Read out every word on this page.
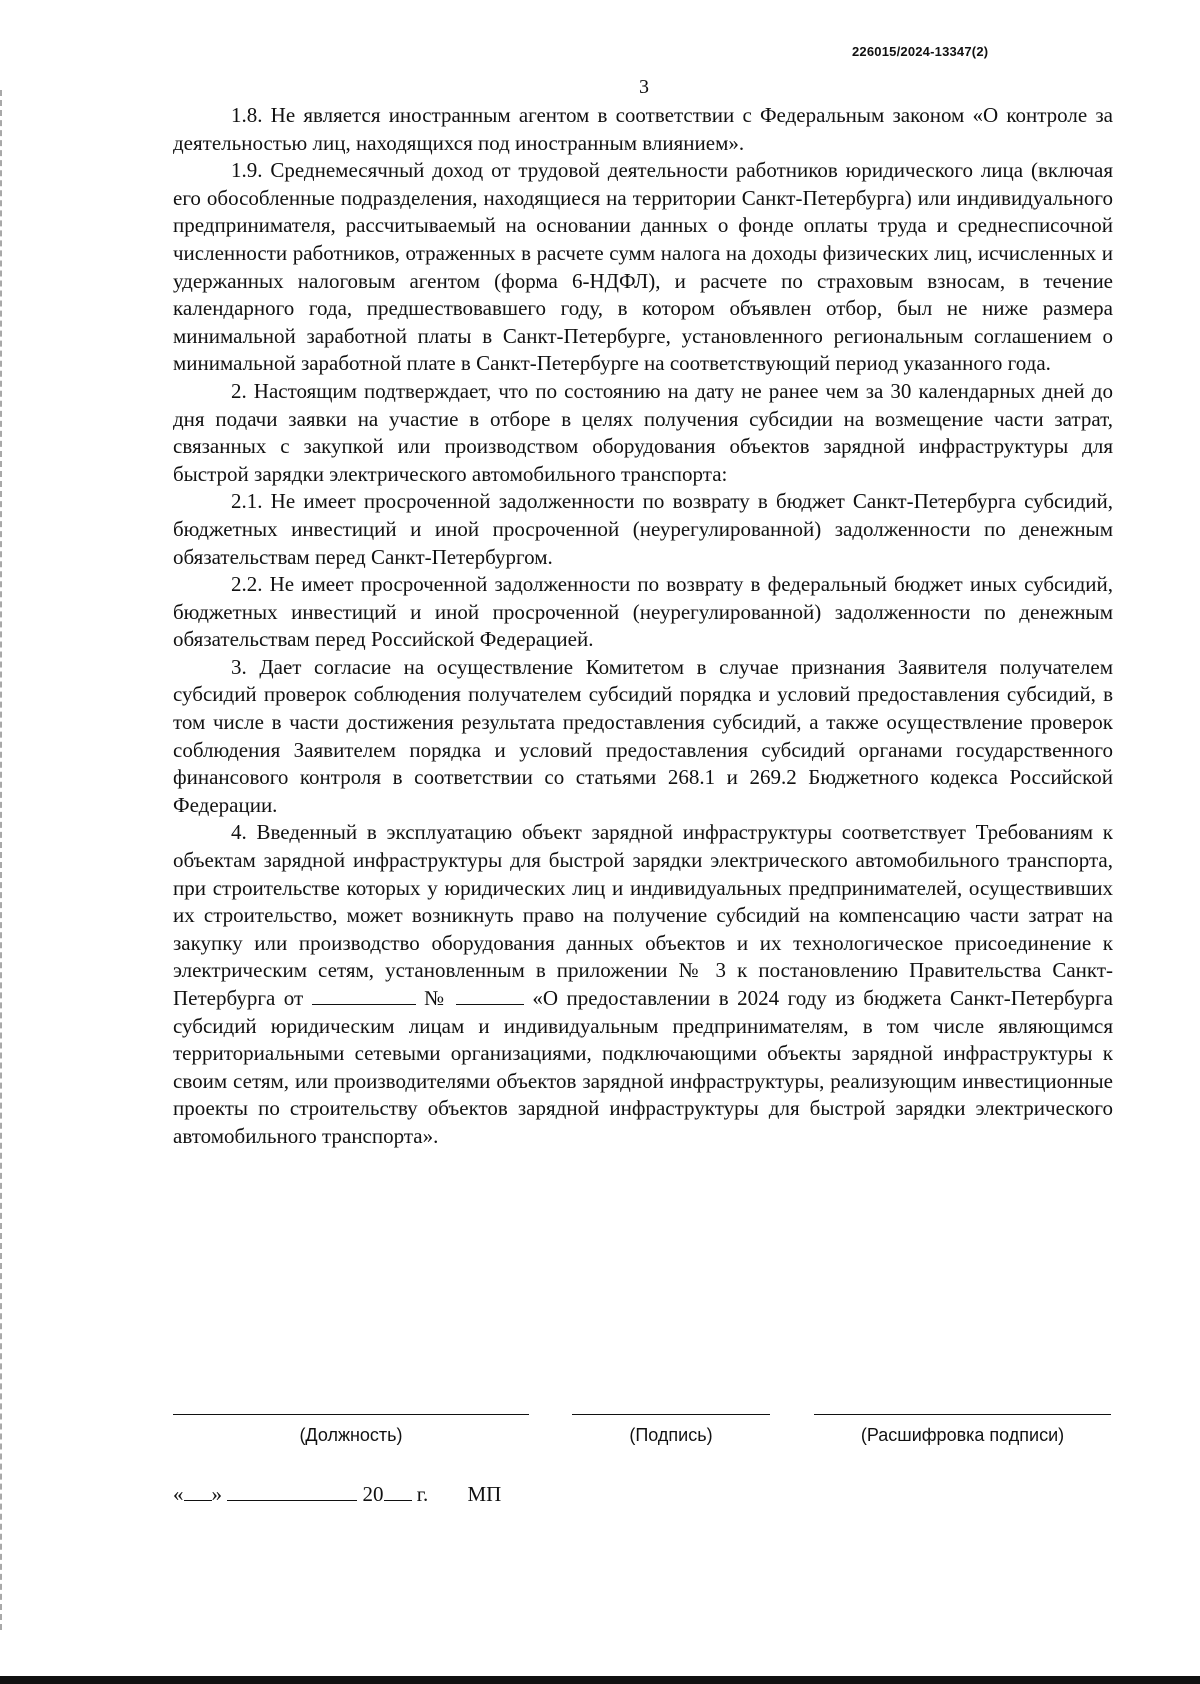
226015/2024-13347(2)
3

1.8. Не является иностранным агентом в соответствии с Федеральным законом «О контроле за деятельностью лиц, находящихся под иностранным влиянием».

1.9. Среднемесячный доход от трудовой деятельности работников юридического лица (включая его обособленные подразделения, находящиеся на территории Санкт-Петербурга) или индивидуального предпринимателя, рассчитываемый на основании данных о фонде оплаты труда и среднесписочной численности работников, отраженных в расчете сумм налога на доходы физических лиц, исчисленных и удержанных налоговым агентом (форма 6-НДФЛ), и расчете по страховым взносам, в течение календарного года, предшествовавшего году, в котором объявлен отбор, был не ниже размера минимальной заработной платы в Санкт-Петербурге, установленного региональным соглашением о минимальной заработной плате в Санкт-Петербурге на соответствующий период указанного года.

2. Настоящим подтверждает, что по состоянию на дату не ранее чем за 30 календарных дней до дня подачи заявки на участие в отборе в целях получения субсидии на возмещение части затрат, связанных с закупкой или производством оборудования объектов зарядной инфраструктуры для быстрой зарядки электрического автомобильного транспорта:

2.1. Не имеет просроченной задолженности по возврату в бюджет Санкт-Петербурга субсидий, бюджетных инвестиций и иной просроченной (неурегулированной) задолженности по денежным обязательствам перед Санкт-Петербургом.

2.2. Не имеет просроченной задолженности по возврату в федеральный бюджет иных субсидий, бюджетных инвестиций и иной просроченной (неурегулированной) задолженности по денежным обязательствам перед Российской Федерацией.

3. Дает согласие на осуществление Комитетом в случае признания Заявителя получателем субсидий проверок соблюдения получателем субсидий порядка и условий предоставления субсидий, в том числе в части достижения результата предоставления субсидий, а также осуществление проверок соблюдения Заявителем порядка и условий предоставления субсидий органами государственного финансового контроля в соответствии со статьями 268.1 и 269.2 Бюджетного кодекса Российской Федерации.

4. Введенный в эксплуатацию объект зарядной инфраструктуры соответствует Требованиям к объектам зарядной инфраструктуры для быстрой зарядки электрического автомобильного транспорта, при строительстве которых у юридических лиц и индивидуальных предпринимателей, осуществивших их строительство, может возникнуть право на получение субсидий на компенсацию части затрат на закупку или производство оборудования данных объектов и их технологическое присоединение к электрическим сетям, установленным в приложении № 3 к постановлению Правительства Санкт-Петербурга от	№	«О предоставлении в 2024 году из бюджета Санкт-Петербурга субсидий юридическим лицам и индивидуальным предпринимателям, в том числе являющимся территориальными сетевыми организациями, подключающими объекты зарядной инфраструктуры к своим сетям, или производителями объектов зарядной инфраструктуры, реализующим инвестиционные проекты по строительству объектов зарядной инфраструктуры для быстрой зарядки электрического автомобильного транспорта».

(Должность)	(Подпись)	(Расшифровка подписи)
« »	20 г. МП
